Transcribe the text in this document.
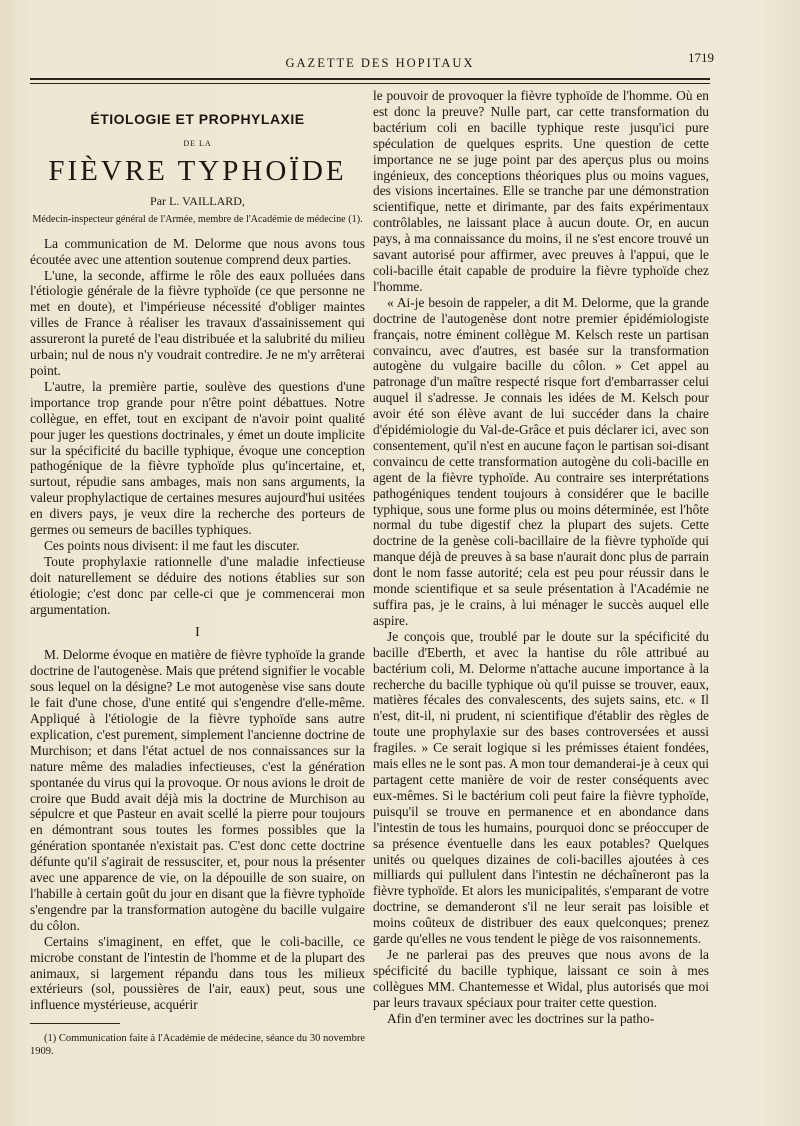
GAZETTE DES HOPITAUX	1719
ÉTIOLOGIE ET PROPHYLAXIE
DE LA
FIÈVRE TYPHOÏDE
Par L. VAILLARD,
Médecin-inspecteur général de l'Armée, membre de l'Académie de médecine (1).

La communication de M. Delorme que nous avons tous écoutée avec une attention soutenue comprend deux parties.

L'une, la seconde, affirme le rôle des eaux polluées dans l'étiologie générale de la fièvre typhoïde (ce que personne ne met en doute), et l'impérieuse nécessité d'obliger maintes villes de France à réaliser les travaux d'assainissement qui assureront la pureté de l'eau distribuée et la salubrité du milieu urbain; nul de nous n'y voudrait contredire. Je ne m'y arrêterai point.

L'autre, la première partie, soulève des questions d'une importance trop grande pour n'être point débattues. Notre collègue, en effet, tout en excipant de n'avoir point qualité pour juger les questions doctrinales, y émet un doute implicite sur la spécificité du bacille typhique, évoque une conception pathogénique de la fièvre typhoïde plus qu'incertaine, et, surtout, répudie sans ambages, mais non sans arguments, la valeur prophylactique de certaines mesures aujourd'hui usitées en divers pays, je veux dire la recherche des porteurs de germes ou semeurs de bacilles typhiques.

Ces points nous divisent: il me faut les discuter.

Toute prophylaxie rationnelle d'une maladie infectieuse doit naturellement se déduire des notions établies sur son étiologie; c'est donc par celle-ci que je commencerai mon argumentation.

I

M. Delorme évoque en matière de fièvre typhoïde la grande doctrine de l'autogenèse. Mais que prétend signifier le vocable sous lequel on la désigne? Le mot autogenèse vise sans doute le fait d'une chose, d'une entité qui s'engendre d'elle-même. Appliqué à l'étiologie de la fièvre typhoïde sans autre explication, c'est purement, simplement l'ancienne doctrine de Murchison; et dans l'état actuel de nos connaissances sur la nature même des maladies infectieuses, c'est la génération spontanée du virus qui la provoque. Or nous avions le droit de croire que Budd avait déjà mis la doctrine de Murchison au sépulcre et que Pasteur en avait scellé la pierre pour toujours en démontrant sous toutes les formes possibles que la génération spontanée n'existait pas. C'est donc cette doctrine défunte qu'il s'agirait de ressusciter, et, pour nous la présenter avec une apparence de vie, on la dépouille de son suaire, on l'habille à certain goût du jour en disant que la fièvre typhoïde s'engendre par la transformation autogène du bacille vulgaire du côlon.

Certains s'imaginent, en effet, que le coli-bacille, ce microbe constant de l'intestin de l'homme et de la plupart des animaux, si largement répandu dans tous les milieux extérieurs (sol, poussières de l'air, eaux) peut, sous une influence mystérieuse, acquérir

(1) Communication faite à l'Académie de médecine, séance du 30 novembre 1909.

le pouvoir de provoquer la fièvre typhoïde de l'homme. Où en est donc la preuve? Nulle part, car cette transformation du bactérium coli en bacille typhique reste jusqu'ici pure spéculation de quelques esprits. Une question de cette importance ne se juge point par des aperçus plus ou moins ingénieux, des conceptions théoriques plus ou moins vagues, des visions incertaines. Elle se tranche par une démonstration scientifique, nette et dirimante, par des faits expérimentaux contrôlables, ne laissant place à aucun doute. Or, en aucun pays, à ma connaissance du moins, il ne s'est encore trouvé un savant autorisé pour affirmer, avec preuves à l'appui, que le coli-bacille était capable de produire la fièvre typhoïde chez l'homme.

« Ai-je besoin de rappeler, a dit M. Delorme, que la grande doctrine de l'autogenèse dont notre premier épidémiologiste français, notre éminent collègue M. Kelsch reste un partisan convaincu, avec d'autres, est basée sur la transformation autogène du vulgaire bacille du côlon. » Cet appel au patronage d'un maître respecté risque fort d'embarrasser celui auquel il s'adresse. Je connais les idées de M. Kelsch pour avoir été son élève avant de lui succéder dans la chaire d'épidémiologie du Val-de-Grâce et puis déclarer ici, avec son consentement, qu'il n'est en aucune façon le partisan soi-disant convaincu de cette transformation autogène du coli-bacille en agent de la fièvre typhoïde. Au contraire ses interprétations pathogéniques tendent toujours à considérer que le bacille typhique, sous une forme plus ou moins déterminée, est l'hôte normal du tube digestif chez la plupart des sujets. Cette doctrine de la genèse coli-bacillaire de la fièvre typhoïde qui manque déjà de preuves à sa base n'aurait donc plus de parrain dont le nom fasse autorité; cela est peu pour réussir dans le monde scientifique et sa seule présentation à l'Académie ne suffira pas, je le crains, à lui ménager le succès auquel elle aspire.

Je conçois que, troublé par le doute sur la spécificité du bacille d'Eberth, et avec la hantise du rôle attribué au bactérium coli, M. Delorme n'attache aucune importance à la recherche du bacille typhique où qu'il puisse se trouver, eaux, matières fécales des convalescents, des sujets sains, etc. « Il n'est, dit-il, ni prudent, ni scientifique d'établir des règles de toute une prophylaxie sur des bases controversées et aussi fragiles. » Ce serait logique si les prémisses étaient fondées, mais elles ne le sont pas. A mon tour demanderai-je à ceux qui partagent cette manière de voir de rester conséquents avec eux-mêmes. Si le bactérium coli peut faire la fièvre typhoïde, puisqu'il se trouve en permanence et en abondance dans l'intestin de tous les humains, pourquoi donc se préoccuper de sa présence éventuelle dans les eaux potables? Quelques unités ou quelques dizaines de coli-bacilles ajoutées à ces milliards qui pullulent dans l'intestin ne déchaîneront pas la fièvre typhoïde. Et alors les municipalités, s'emparant de votre doctrine, se demanderont s'il ne leur serait pas loisible et moins coûteux de distribuer des eaux quelconques; prenez garde qu'elles ne vous tendent le piège de vos raisonnements.

Je ne parlerai pas des preuves que nous avons de la spécificité du bacille typhique, laissant ce soin à mes collègues MM. Chantemesse et Widal, plus autorisés que moi par leurs travaux spéciaux pour traiter cette question.

Afin d'en terminer avec les doctrines sur la patho-
